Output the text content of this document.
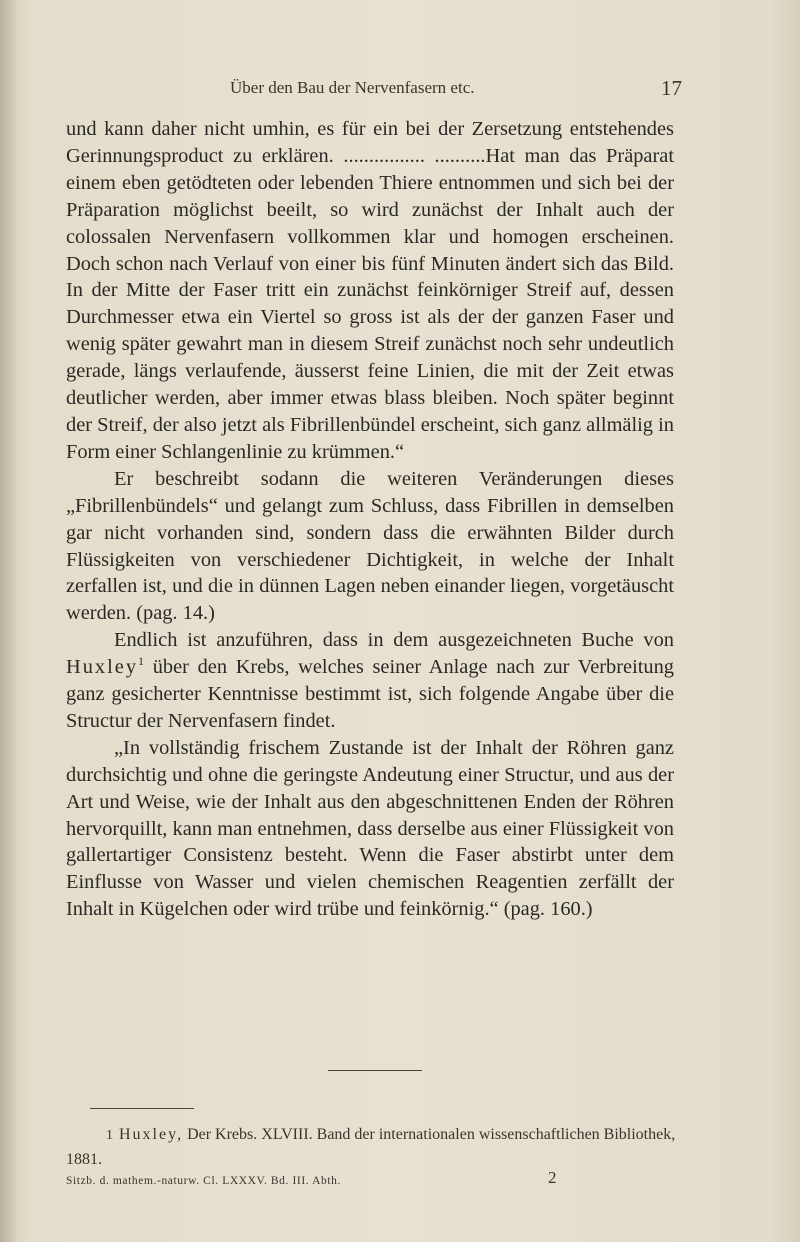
Über den Bau der Nervenfasern etc.	17

und kann daher nicht umhin, es für ein bei der Zersetzung entstehendes Gerinnungsproduct zu erklären. ................ ..........Hat man das Präparat einem eben getödteten oder lebenden Thiere entnommen und sich bei der Präparation möglichst beeilt, so wird zunächst der Inhalt auch der colossalen Nervenfasern vollkommen klar und homogen erscheinen. Doch schon nach Verlauf von einer bis fünf Minuten ändert sich das Bild. In der Mitte der Faser tritt ein zunächst feinkörniger Streif auf, dessen Durchmesser etwa ein Viertel so gross ist als der der ganzen Faser und wenig später gewahrt man in diesem Streif zunächst noch sehr undeutlich gerade, längs verlaufende, äusserst feine Linien, die mit der Zeit etwas deutlicher werden, aber immer etwas blass bleiben. Noch später beginnt der Streif, der also jetzt als Fibrillenbündel erscheint, sich ganz allmälig in Form einer Schlangenlinie zu krümmen.“

Er beschreibt sodann die weiteren Veränderungen dieses „Fibrillenbündels“ und gelangt zum Schluss, dass Fibrillen in demselben gar nicht vorhanden sind, sondern dass die erwähnten Bilder durch Flüssigkeiten von verschiedener Dichtigkeit, in welche der Inhalt zerfallen ist, und die in dünnen Lagen neben einander liegen, vorgetäuscht werden. (pag. 14.)

Endlich ist anzuführen, dass in dem ausgezeichneten Buche von Huxley$^1$ über den Krebs, welches seiner Anlage nach zur Verbreitung ganz gesicherter Kenntnisse bestimmt ist, sich folgende Angabe über die Structur der Nervenfasern findet.

„In vollständig frischem Zustande ist der Inhalt der Röhren ganz durchsichtig und ohne die geringste Andeutung einer Structur, und aus der Art und Weise, wie der Inhalt aus den abgeschnittenen Enden der Röhren hervorquillt, kann man entnehmen, dass derselbe aus einer Flüssigkeit von gallertartiger Consistenz besteht. Wenn die Faser abstirbt unter dem Einflusse von Wasser und vielen chemischen Reagentien zerfällt der Inhalt in Kügelchen oder wird trübe und feinkörnig.“ (pag. 160.)

1 Huxley, Der Krebs. XLVIII. Band der internationalen wissenschaftlichen Bibliothek, 1881.

Sitzb. d. mathem.-naturw. Cl. LXXXV. Bd. III. Abth.	2
